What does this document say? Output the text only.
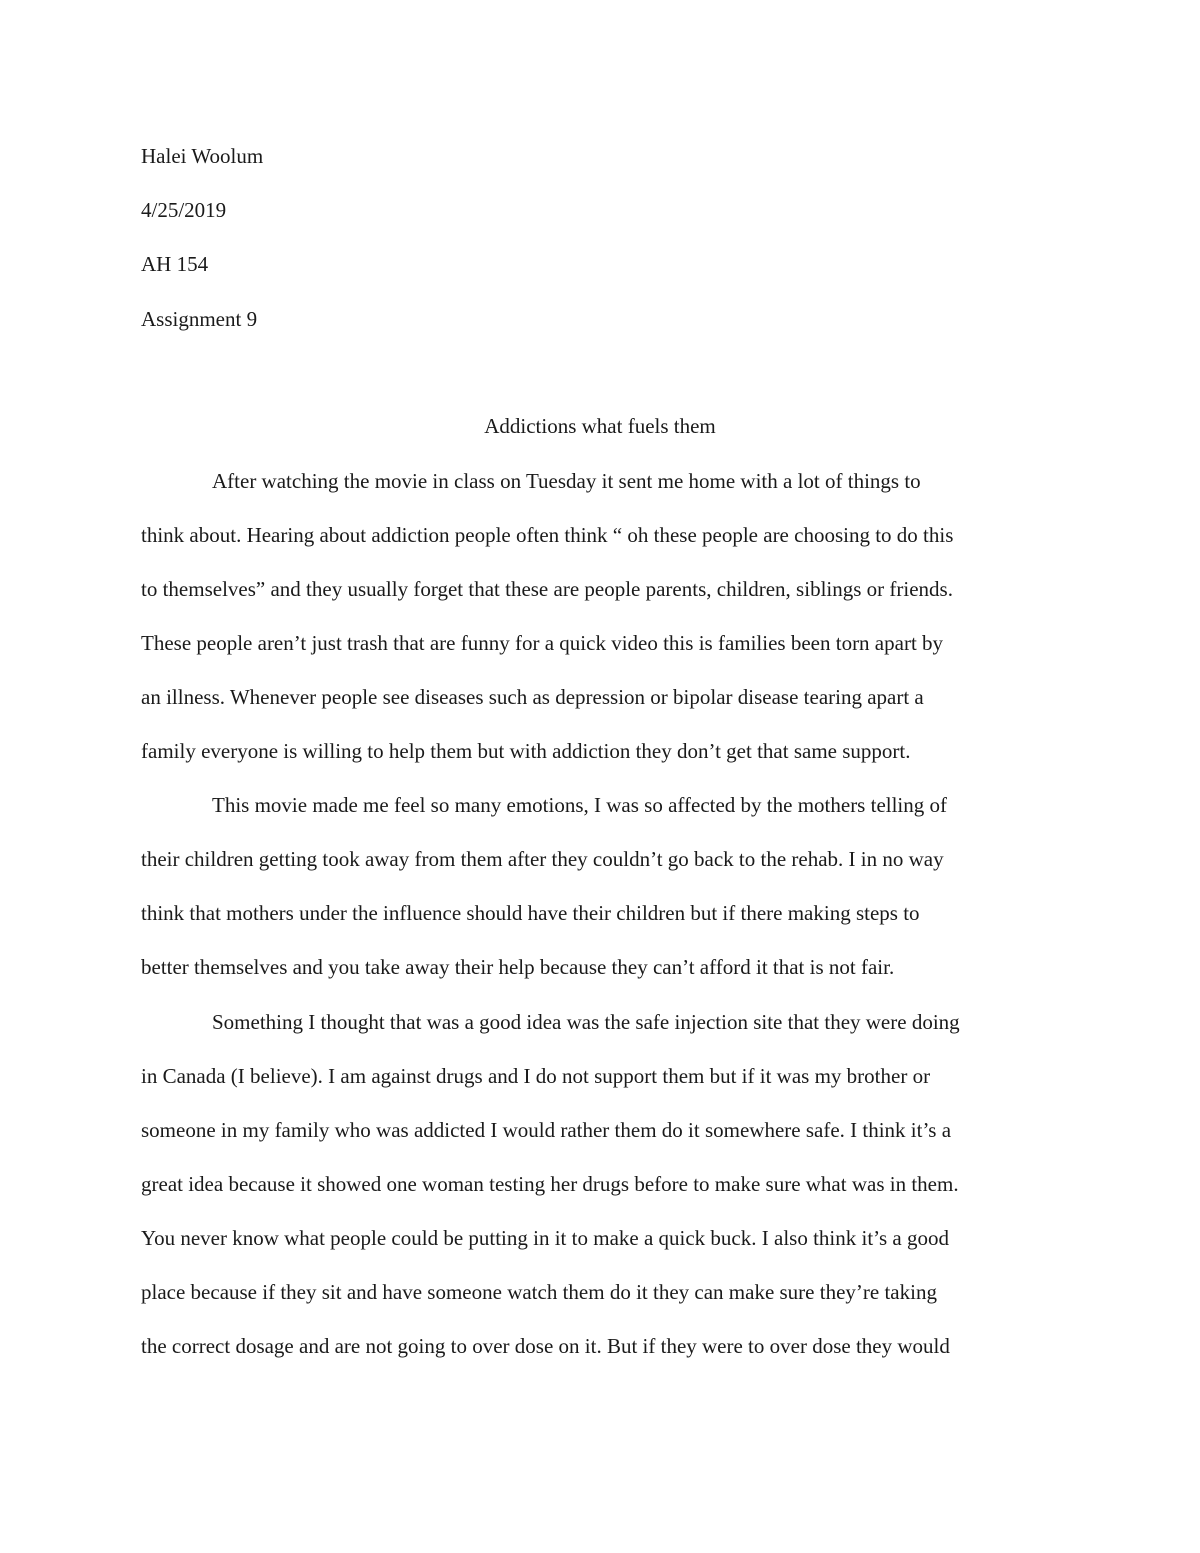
Halei Woolum
4/25/2019
AH 154
Assignment 9
Addictions what fuels them
After watching the movie in class on Tuesday it sent me home with a lot of things to
think about. Hearing about addiction people often think “ oh these people are choosing to do this
to themselves” and they usually forget that these are people parents, children, siblings or friends.
These people aren’t just trash that are funny for a quick video this is families been torn apart by
an illness. Whenever people see diseases such as depression or bipolar disease tearing apart a
family everyone is willing to help them but with addiction they don’t get that same support.
This movie made me feel so many emotions, I was so affected by the mothers telling of
their children getting took away from them after they couldn’t go back to the rehab. I in no way
think that mothers under the influence should have their children but if there making steps to
better themselves and you take away their help because they can’t afford it that is not fair.
Something I thought that was a good idea was the safe injection site that they were doing
in Canada (I believe). I am against drugs and I do not support them but if it was my brother or
someone in my family who was addicted I would rather them do it somewhere safe. I think it’s a
great idea because it showed one woman testing her drugs before to make sure what was in them.
You never know what people could be putting in it to make a quick buck. I also think it’s a good
place because if they sit and have someone watch them do it they can make sure they’re taking
the correct dosage and are not going to over dose on it. But if they were to over dose they would
